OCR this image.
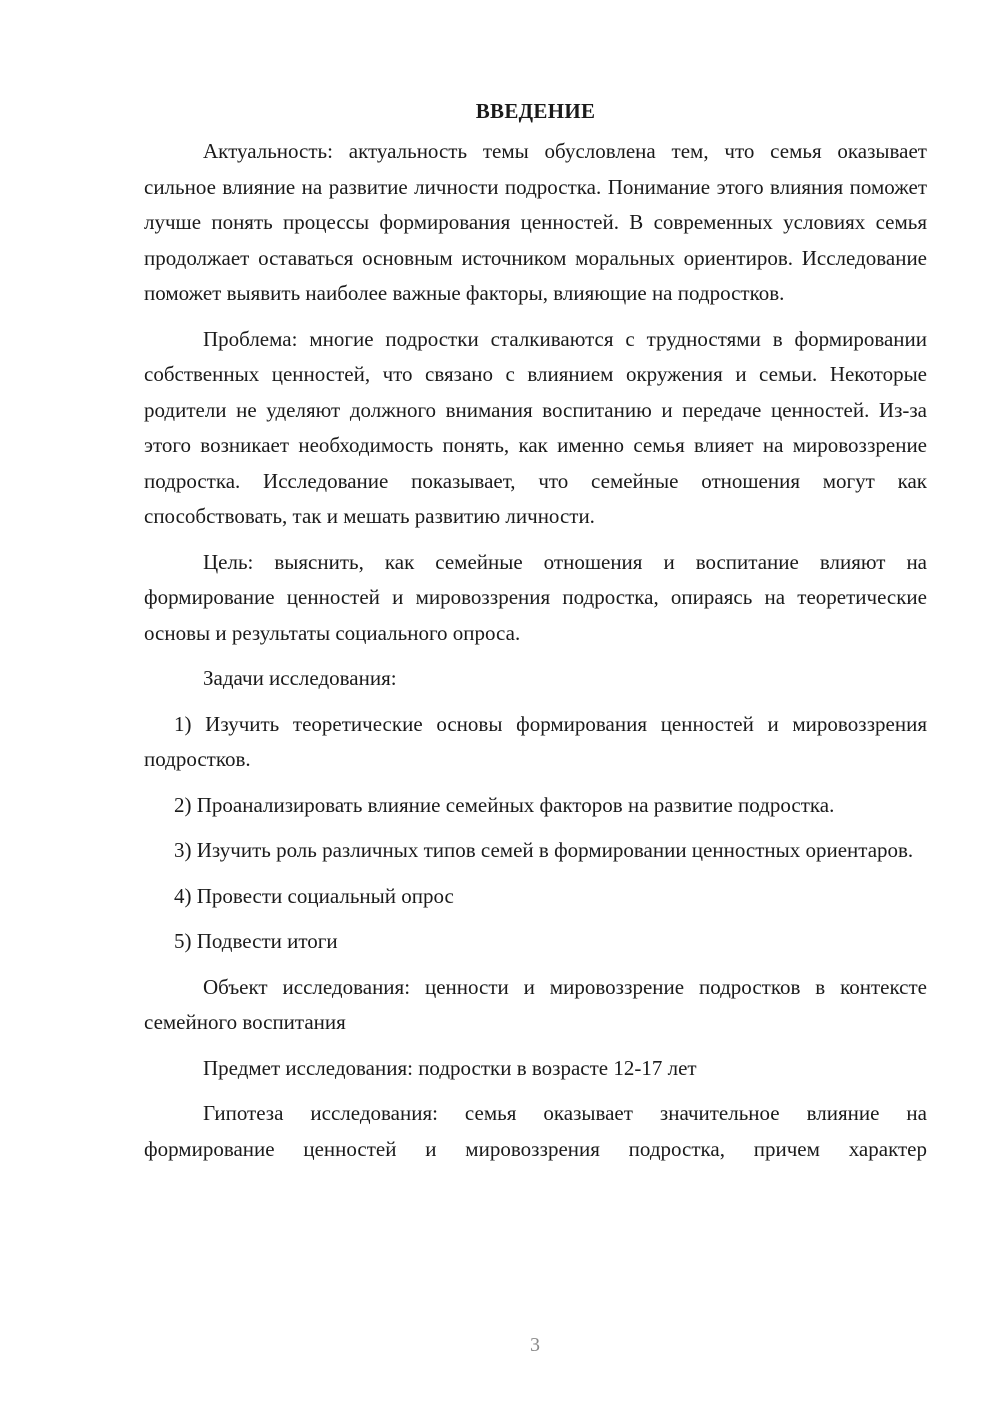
ВВЕДЕНИЕ

Актуальность: актуальность темы обусловлена тем, что семья оказывает сильное влияние на развитие личности подростка. Понимание этого влияния поможет лучше понять процессы формирования ценностей. В современных условиях семья продолжает оставаться основным источником моральных ориентиров. Исследование поможет выявить наиболее важные факторы, влияющие на подростков.

Проблема: многие подростки сталкиваются с трудностями в формировании собственных ценностей, что связано с влиянием окружения и семьи. Некоторые родители не уделяют должного внимания воспитанию и передаче ценностей. Из-за этого возникает необходимость понять, как именно семья влияет на мировоззрение подростка. Исследование показывает, что семейные отношения могут как способствовать, так и мешать развитию личности.

Цель: выяснить, как семейные отношения и воспитание влияют на формирование ценностей и мировоззрения подростка, опираясь на теоретические основы и результаты социального опроса.

Задачи исследования:

1) Изучить теоретические основы формирования ценностей и мировоззрения подростков.

2) Проанализировать влияние семейных факторов на развитие подростка.

3) Изучить роль различных типов семей в формировании ценностных ориентаров.

4) Провести социальный опрос

5) Подвести итоги

Объект исследования: ценности и мировоззрение подростков в контексте семейного воспитания

Предмет исследования: подростки в возрасте 12-17 лет

Гипотеза исследования: семья оказывает значительное влияние на формирование ценностей и мировоззрения подростка, причем характер

3
